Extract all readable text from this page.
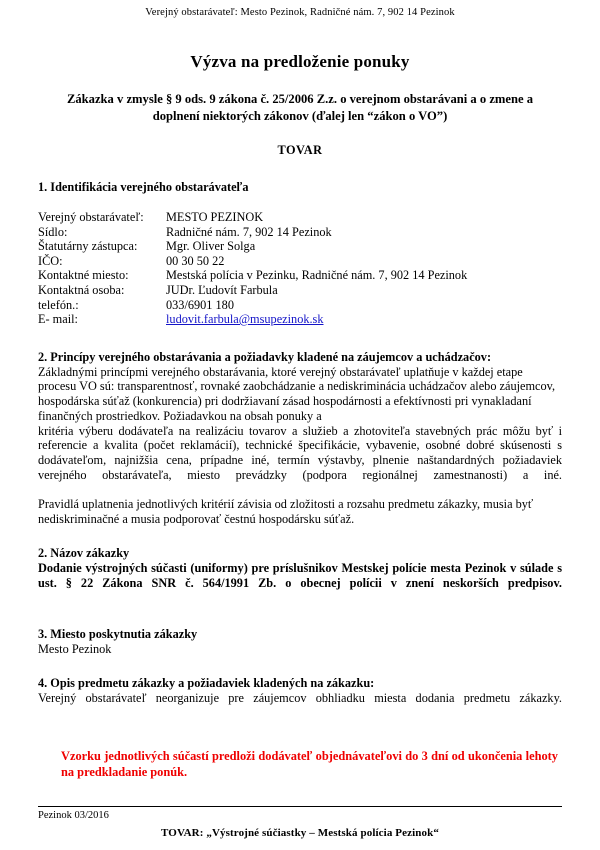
Verejný obstarávateľ: Mesto Pezinok, Radničné nám. 7, 902 14 Pezinok
Výzva na predloženie ponuky
Zákazka v zmysle § 9 ods. 9 zákona č. 25/2006 Z.z. o verejnom obstarávani a o zmene a doplnení niektorých zákonov (ďalej len “zákon o VO”)
TOVAR
1. Identifikácia verejného obstarávateľa
Verejný obstarávateľ:	MESTO PEZINOK
Sídlo:	Radničné nám. 7, 902 14 Pezinok
Štatutárny zástupca:	Mgr. Oliver Solga
IČO:	00 30 50 22
Kontaktné miesto:	Mestská polícia v Pezinku, Radničné nám. 7, 902 14 Pezinok
Kontaktná osoba:	JUDr. Ľudovít Farbula
telefón.:	033/6901 180
E- mail:	ludovit.farbula@msupezinok.sk
2. Princípy verejného obstarávania a požiadavky kladené na záujemcov a uchádzačov:
Základnými princípmi verejného obstarávania, ktoré verejný obstarávateľ uplatňuje v každej etape procesu VO sú: transparentnosť, rovnaké zaobchádzanie a nediskriminácia uchádzačov alebo záujemcov, hospodárska súťaž (konkurencia) pri dodržiavaní zásad hospodárnosti a efektívnosti pri vynakladaní finančných prostriedkov. Požiadavkou na obsah ponuky a
kritéria výberu dodávateľa na realizáciu tovarov a služieb a zhotoviteľa stavebných prác môžu byť i referencie a kvalita (počet reklamácií), technické špecifikácie, vybavenie, osobné dobré skúsenosti s dodávateľom, najnižšia cena, prípadne iné, termín výstavby, plnenie naštandardných požiadaviek verejného obstarávateľa, miesto prevádzky (podpora regionálnej zamestnanosti) a iné.
Pravidlá uplatnenia jednotlivých kritérií závisia od zložitosti a rozsahu predmetu zákazky, musia byť nediskriminačné a musia podporovať čestnú hospodársku súťaž.
2. Názov zákazky
Dodanie výstrojných súčasti (uniformy) pre príslušnikov Mestskej polície mesta Pezinok v súlade s ust. § 22 Zákona SNR č. 564/1991 Zb. o obecnej polícii v znení neskorších predpisov.
3. Miesto poskytnutia zákazky
Mesto Pezinok
4. Opis predmetu zákazky a požiadaviek kladených na zákazku:
Verejný obstarávateľ neorganizuje pre záujemcov obhliadku miesta dodania predmetu zákazky.
Vzorku jednotlivých súčastí predloži dodávateľ objednávateľovi do 3 dní od ukončenia lehoty na predkladanie ponúk.
Pezinok 03/2016
TOVAR: „Výstrojné súčiastky – Mestská polícia Pezinok“
